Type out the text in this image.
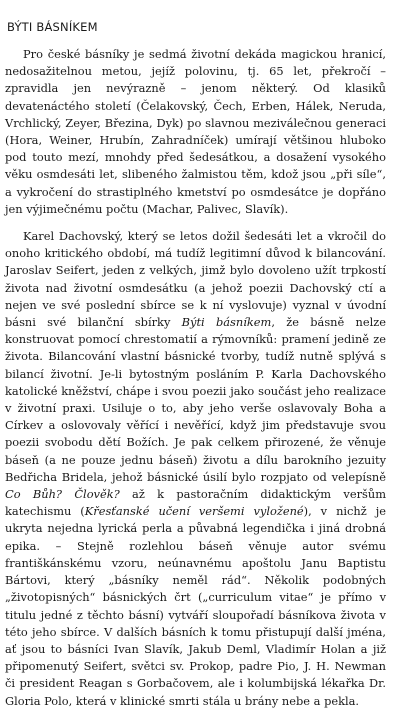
BÝTI BÁSNÍKEM

Pro české básníky je sedmá životní dekáda magickou hranicí, nedosažitelnou metou, jejíž polovinu, tj. 65 let, překročí – zpravidla jen nevýrazně – jenom některý. Od klasiků devatenáctého století (Čelakovský, Čech, Erben, Hálek, Neruda, Vrchlický, Zeyer, Březina, Dyk) po slavnou meziválečnou generaci (Hora, Weiner, Hrubín, Zahradníček) umírají většinou hluboko pod touto mezí, mnohdy před šedesátkou, a dosažení vysokého věku osmdesáti let, slibeného žalmistou těm, kdož jsou „při síle“, a vykročení do strastiplného kmetství po osmdesátce je dopřáno jen výjimečnému počtu (Machar, Palivec, Slavík).

Karel Dachovský, který se letos dožil šedesáti let a vkročil do onoho kritického období, má tudíž legitimní důvod k bilancování. Jaroslav Seifert, jeden z velkých, jimž bylo dovoleno užít trpkostí života nad životní osmdesátku (a jehož poezii Dachovský ctí a nejen ve své poslední sbírce se k ní vyslovuje) vyznal v úvodní básni své bilanční sbírky Býti básníkem, že básně nelze konstruovat pomocí chrestomatií a rýmovníků: pramení jedině ze života. Bilancování vlastní básnické tvorby, tudíž nutně splývá s bilancí životní. Je-li bytostným posláním P. Karla Dachovského katolické kněžství, chápe i svou poezii jako součást jeho realizace v životní praxi. Usiluje o to, aby jeho verše oslavovaly Boha a Církev a oslovovaly věřící i nevěřící, když jim představuje svou poezii svobodu dětí Božích. Je pak celkem přirozené, že věnuje báseň (a ne pouze jednu báseň) životu a dílu barokního jezuity Bedřicha Bridela, jehož básnické úsilí bylo rozpjato od velepísně Co Bůh? Člověk? až k pastoračním didaktickým veršům katechismu (Křesťanské učení veršemi vyložené), v nichž je ukryta nejedna lyrická perla a půvabná legendička i jiná drobná epika. – Stejně rozlehlou báseň věnuje autor svému františkánskému vzoru, neúnavnému apoštolu Janu Baptistu Bártovi, který „básníky neměl rád“. Několik podobných „životopisných“ básnických črt („curriculum vitae“ je přímo v titulu jedné z těchto básní) vytváří sloupořadí básníkova života v této jeho sbírce. V dalších básních k tomu přistupují další jména, ať jsou to básníci Ivan Slavík, Jakub Deml, Vladimír Holan a již připomenutý Seifert, světci sv. Prokop, padre Pio, J. H. Newman či president Reagan s Gorbačovem, ale i kolumbijská lékařka Dr. Gloria Polo, která v klinické smrti stála u brány nebe a pekla.
